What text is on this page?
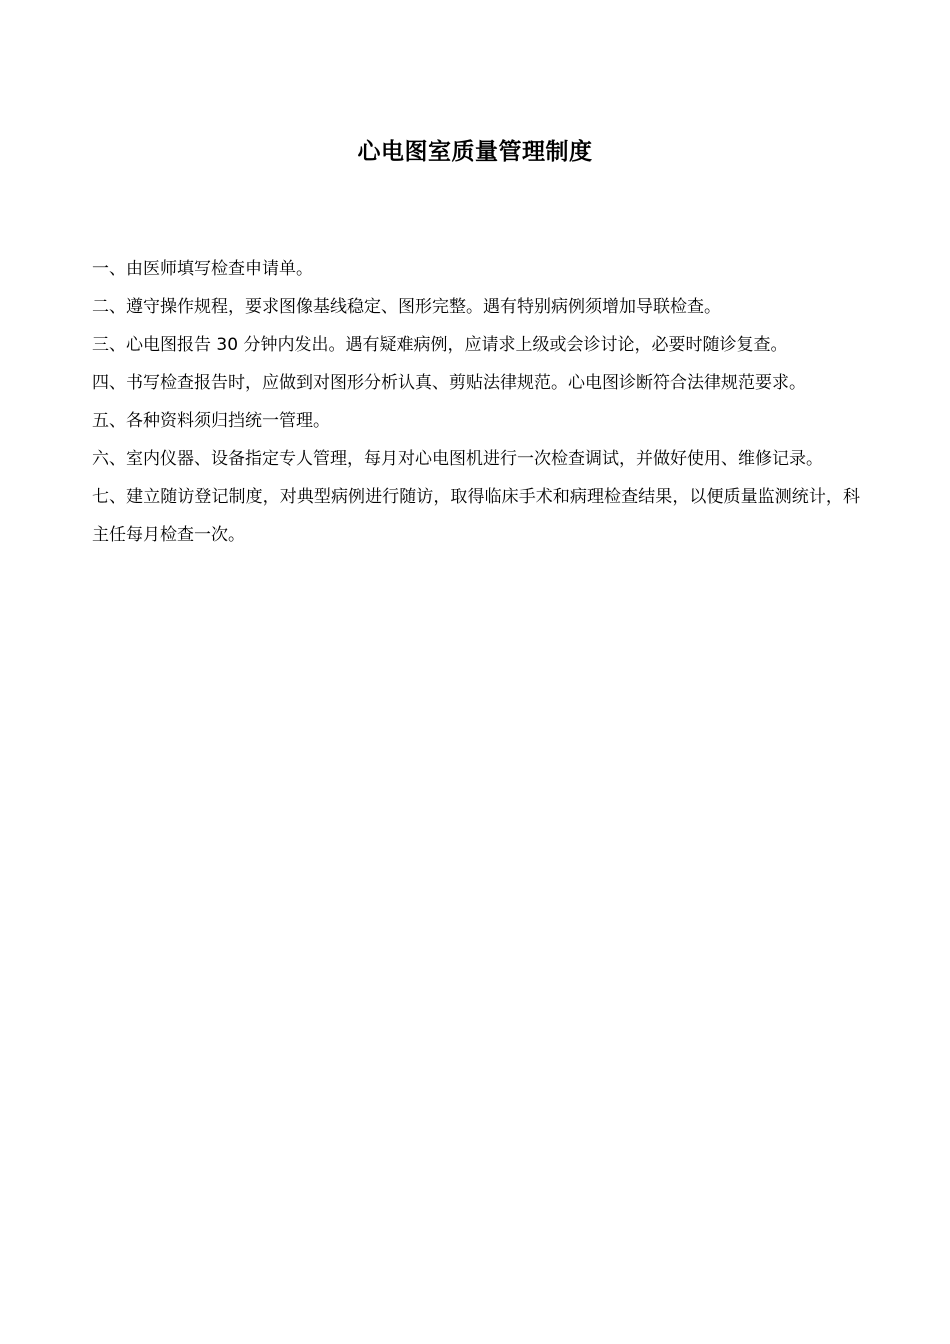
心电图室质量管理制度

一、由医师填写检查申请单。

二、遵守操作规程，要求图像基线稳定、图形完整。遇有特别病例须增加导联检查。

三、心电图报告 30 分钟内发出。遇有疑难病例，应请求上级或会诊讨论，必要时随诊复查。

四、书写检查报告时，应做到对图形分析认真、剪贴法律规范。心电图诊断符合法律规范要求。

五、各种资料须归挡统一管理。

六、室内仪器、设备指定专人管理，每月对心电图机进行一次检查调试，并做好使用、维修记录。

七、建立随访登记制度，对典型病例进行随访，取得临床手术和病理检查结果，以便质量监测统计，科主任每月检查一次。
